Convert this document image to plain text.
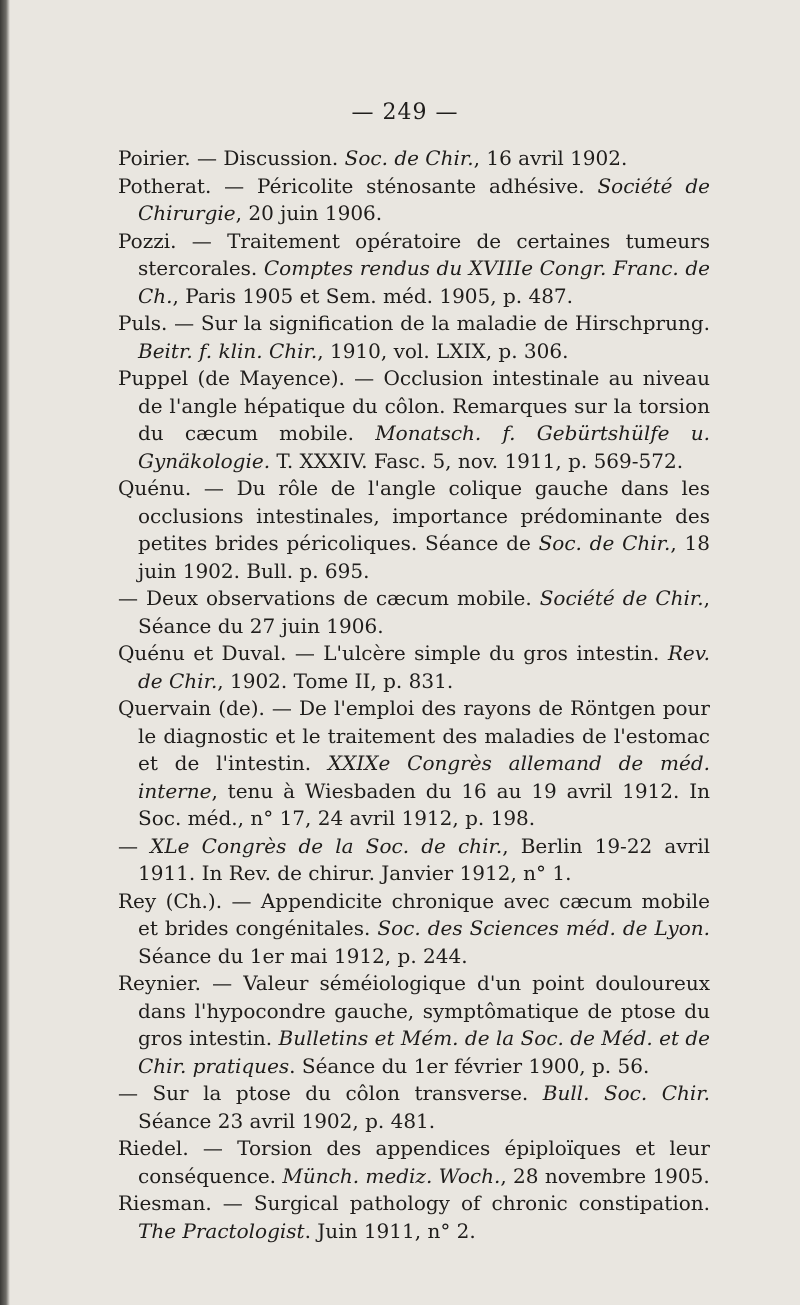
— 249 —

Poirier. — Discussion. Soc. de Chir., 16 avril 1902.

Potherat. — Péricolite sténosante adhésive. Société de Chirurgie, 20 juin 1906.

Pozzi. — Traitement opératoire de certaines tumeurs stercorales. Comptes rendus du XVIIIe Congr. Franc. de Ch., Paris 1905 et Sem. méd. 1905, p. 487.

Puls. — Sur la signification de la maladie de Hirschprung. Beitr. f. klin. Chir., 1910, vol. LXIX, p. 306.

Puppel (de Mayence). — Occlusion intestinale au niveau de l'angle hépatique du côlon. Remarques sur la torsion du cæcum mobile. Monatsch. f. Gebürtshülfe u. Gynäkologie. T. XXXIV. Fasc. 5, nov. 1911, p. 569-572.

Quénu. — Du rôle de l'angle colique gauche dans les occlusions intestinales, importance prédominante des petites brides péricoliques. Séance de Soc. de Chir., 18 juin 1902. Bull. p. 695.

— Deux observations de cæcum mobile. Société de Chir., Séance du 27 juin 1906.

Quénu et Duval. — L'ulcère simple du gros intestin. Rev. de Chir., 1902. Tome II, p. 831.

Quervain (de). — De l'emploi des rayons de Röntgen pour le diagnostic et le traitement des maladies de l'estomac et de l'intestin. XXIXe Congrès allemand de méd. interne, tenu à Wiesbaden du 16 au 19 avril 1912. In Soc. méd., n° 17, 24 avril 1912, p. 198.

— XLe Congrès de la Soc. de chir., Berlin 19-22 avril 1911. In Rev. de chirur. Janvier 1912, n° 1.

Rey (Ch.). — Appendicite chronique avec cæcum mobile et brides congénitales. Soc. des Sciences méd. de Lyon. Séance du 1er mai 1912, p. 244.

Reynier. — Valeur séméiologique d'un point douloureux dans l'hypocondre gauche, symptômatique de ptose du gros intestin. Bulletins et Mém. de la Soc. de Méd. et de Chir. pratiques. Séance du 1er février 1900, p. 56.

— Sur la ptose du côlon transverse. Bull. Soc. Chir. Séance 23 avril 1902, p. 481.

Riedel. — Torsion des appendices épiploïques et leur conséquence. Münch. mediz. Woch., 28 novembre 1905.

Riesman. — Surgical pathology of chronic constipation. The Practologist. Juin 1911, n° 2.
